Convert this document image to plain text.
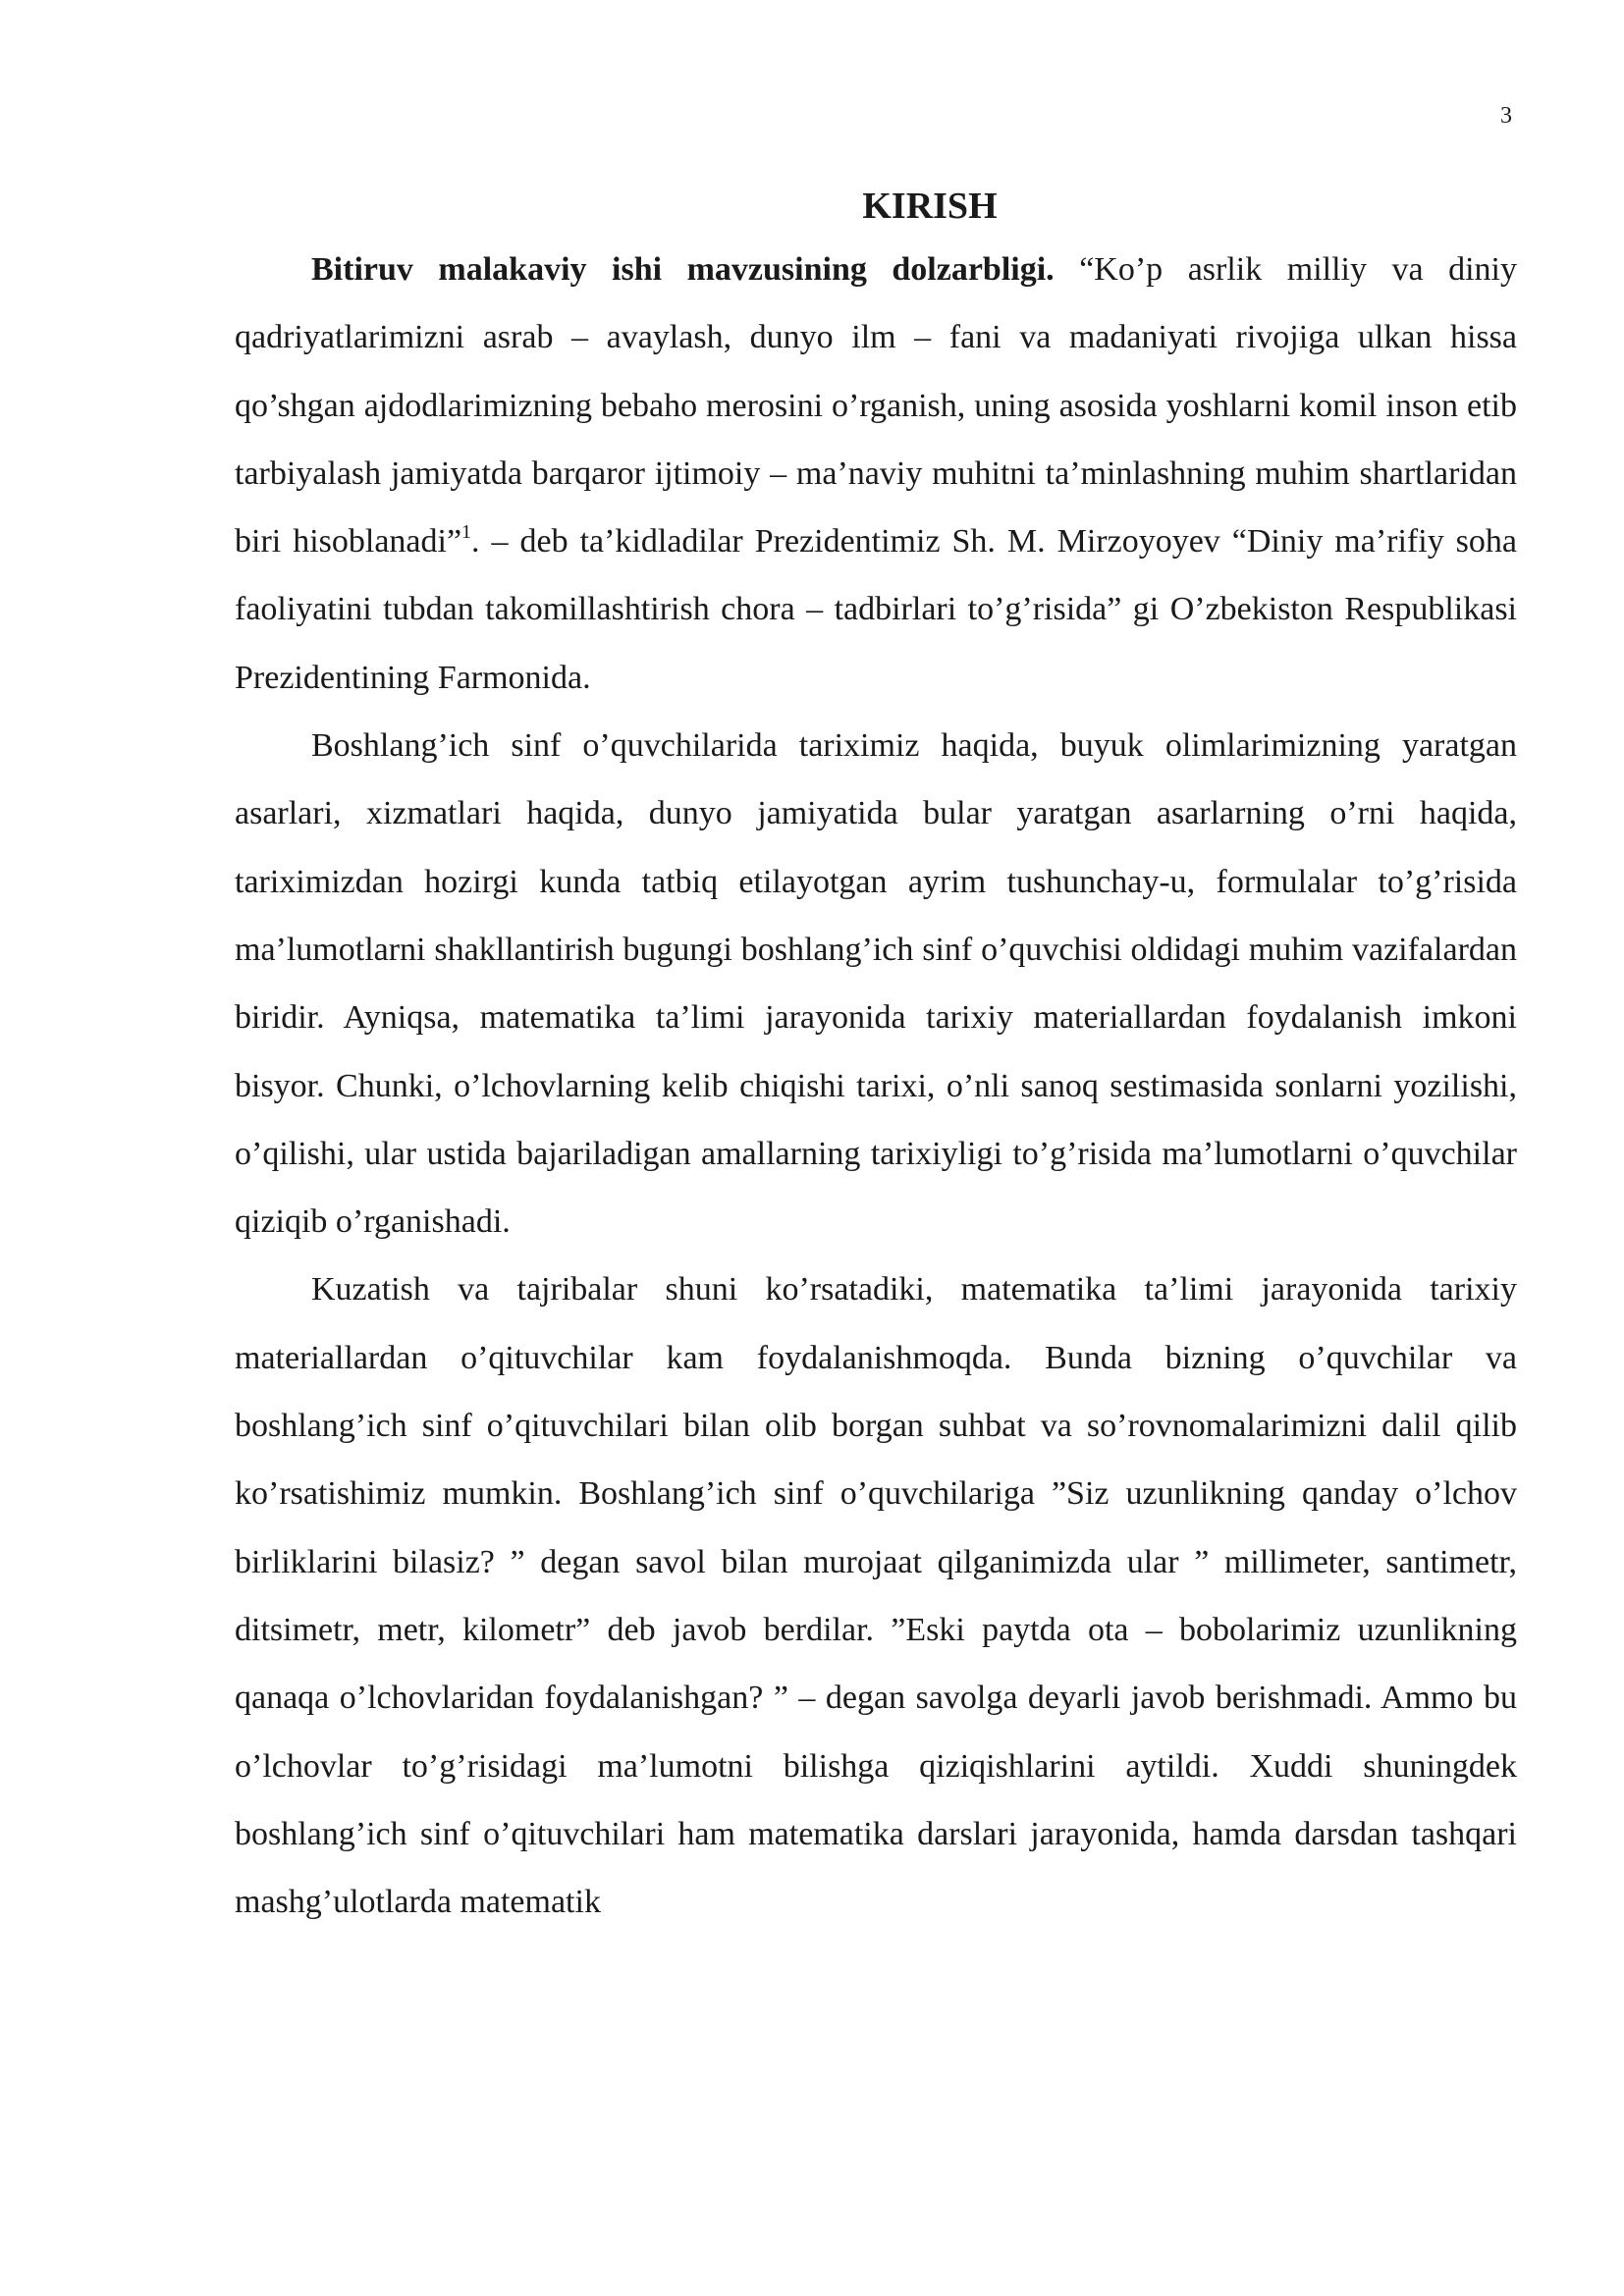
3
KIRISH

Bitiruv malakaviy ishi mavzusining dolzarbligi. “Ko’p asrlik milliy va diniy qadriyatlarimizni asrab – avaylash, dunyo ilm – fani va madaniyati rivojiga ulkan hissa qo’shgan ajdodlarimizning bebaho merosini o’rganish, uning asosida yoshlarni komil inson etib tarbiyalash jamiyatda barqaror ijtimoiy – ma’naviy muhitni ta’minlashning muhim shartlaridan biri hisoblanadi”$^1$. – deb ta’kidladilar Prezidentimiz Sh. M. Mirzoyoyev “Diniy ma’rifiy soha faoliyatini tubdan takomillashtirish chora – tadbirlari to’g’risida” gi O’zbekiston Respublikasi Prezidentining Farmonida.

Boshlang’ich sinf o’quvchilarida tariximiz haqida, buyuk olimlarimizning yaratgan asarlari, xizmatlari haqida, dunyo jamiyatida bular yaratgan asarlarning o’rni haqida, tariximizdan hozirgi kunda tatbiq etilayotgan ayrim tushunchay-u, formulalar to’g’risida ma’lumotlarni shakllantirish bugungi boshlang’ich sinf o’quvchisi oldidagi muhim vazifalardan biridir. Ayniqsa, matematika ta’limi jarayonida tarixiy materiallardan foydalanish imkoni bisyor. Chunki, o’lchovlarning kelib chiqishi tarixi, o’nli sanoq sestimasida sonlarni yozilishi, o’qilishi, ular ustida bajariladigan amallarning tarixiyligi to’g’risida ma’lumotlarni o’quvchilar qiziqib o’rganishadi.

Kuzatish va tajribalar shuni ko’rsatadiki, matematika ta’limi jarayonida tarixiy materiallardan o’qituvchilar kam foydalanishmoqda. Bunda bizning o’quvchilar va boshlang’ich sinf o’qituvchilari bilan olib borgan suhbat va so’rovnomalarimizni dalil qilib ko’rsatishimiz mumkin. Boshlang’ich sinf o’quvchilariga ”Siz uzunlikning qanday o’lchov birliklarini bilasiz? ” degan savol bilan murojaat qilganimizda ular ” millimeter, santimetr, ditsimetr, metr, kilometr” deb javob berdilar. ”Eski paytda ota – bobolarimiz uzunlikning qanaqa o’lchovlaridan foydalanishgan? ” – degan savolga deyarli javob berishmadi. Ammo bu o’lchovlar to’g’risidagi ma’lumotni bilishga qiziqishlarini aytildi. Xuddi shuningdek boshlang’ich sinf o’qituvchilari ham matematika darslari jarayonida, hamda darsdan tashqari mashg’ulotlarda matematik
